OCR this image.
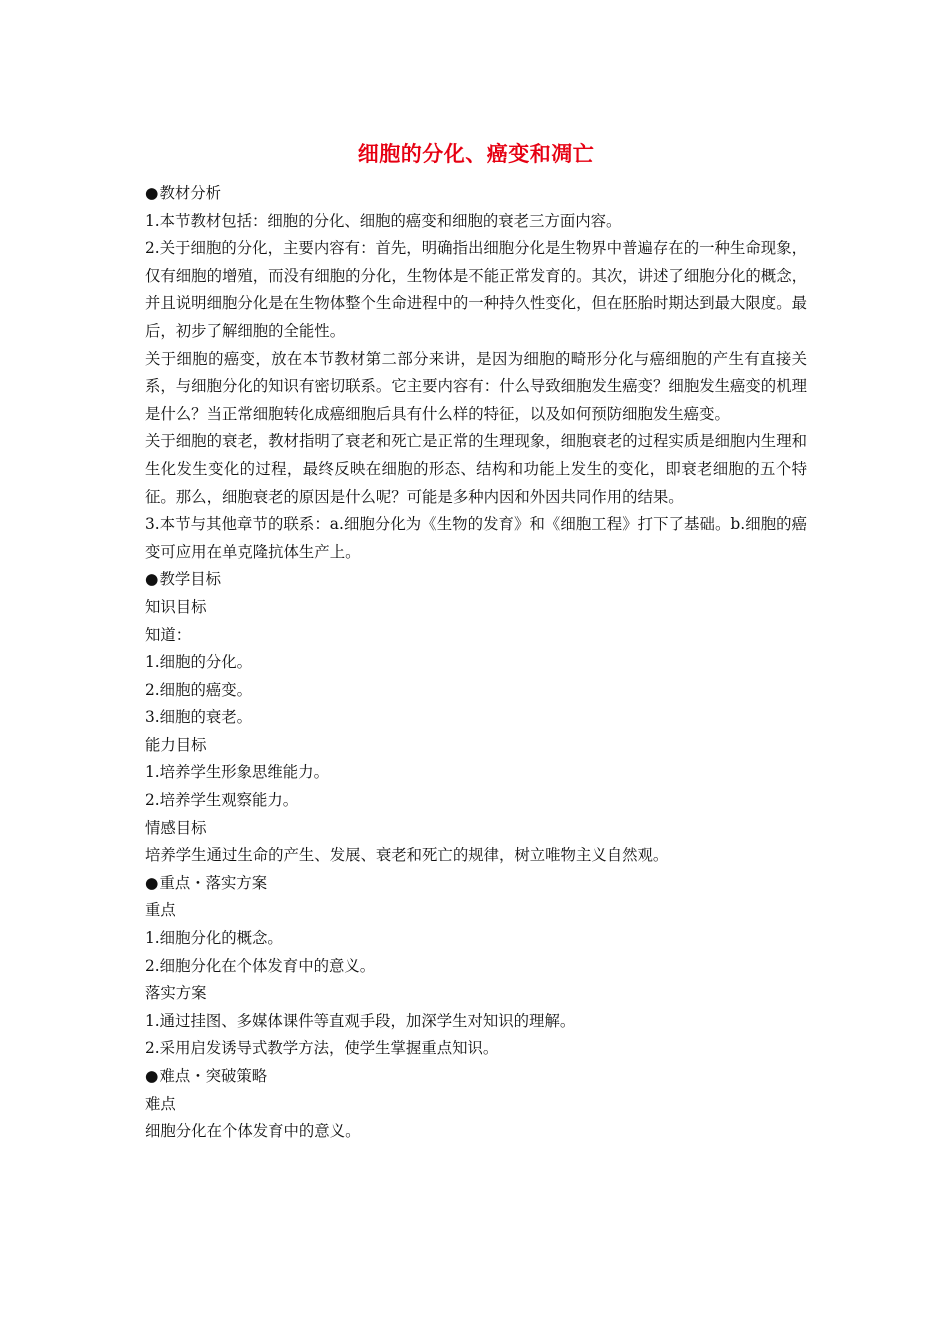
细胞的分化、癌变和凋亡

● 教材分析

1.本节教材包括：细胞的分化、细胞的癌变和细胞的衰老三方面内容。

2.关于细胞的分化，主要内容有：首先，明确指出细胞分化是生物界中普遍存在的一种生命现象，仅有细胞的增殖，而没有细胞的分化，生物体是不能正常发育的。其次，讲述了细胞分化的概念，并且说明细胞分化是在生物体整个生命进程中的一种持久性变化，但在胚胎时期达到最大限度。最后，初步了解细胞的全能性。

关于细胞的癌变，放在本节教材第二部分来讲，是因为细胞的畸形分化与癌细胞的产生有直接关系，与细胞分化的知识有密切联系。它主要内容有：什么导致细胞发生癌变？细胞发生癌变的机理是什么？当正常细胞转化成癌细胞后具有什么样的特征，以及如何预防细胞发生癌变。

关于细胞的衰老，教材指明了衰老和死亡是正常的生理现象，细胞衰老的过程实质是细胞内生理和生化发生变化的过程，最终反映在细胞的形态、结构和功能上发生的变化，即衰老细胞的五个特征。那么，细胞衰老的原因是什么呢？可能是多种内因和外因共同作用的结果。

3.本节与其他章节的联系：a.细胞分化为《生物的发育》和《细胞工程》打下了基础。b.细胞的癌变可应用在单克隆抗体生产上。

● 教学目标

知识目标

知道：

1.细胞的分化。

2.细胞的癌变。

3.细胞的衰老。

能力目标

1.培养学生形象思维能力。

2.培养学生观察能力。

情感目标

培养学生通过生命的产生、发展、衰老和死亡的规律，树立唯物主义自然观。

● 重点・落实方案

重点

1.细胞分化的概念。

2.细胞分化在个体发育中的意义。

落实方案

1.通过挂图、多媒体课件等直观手段，加深学生对知识的理解。

2.采用启发诱导式教学方法，使学生掌握重点知识。

● 难点・突破策略

难点

细胞分化在个体发育中的意义。
